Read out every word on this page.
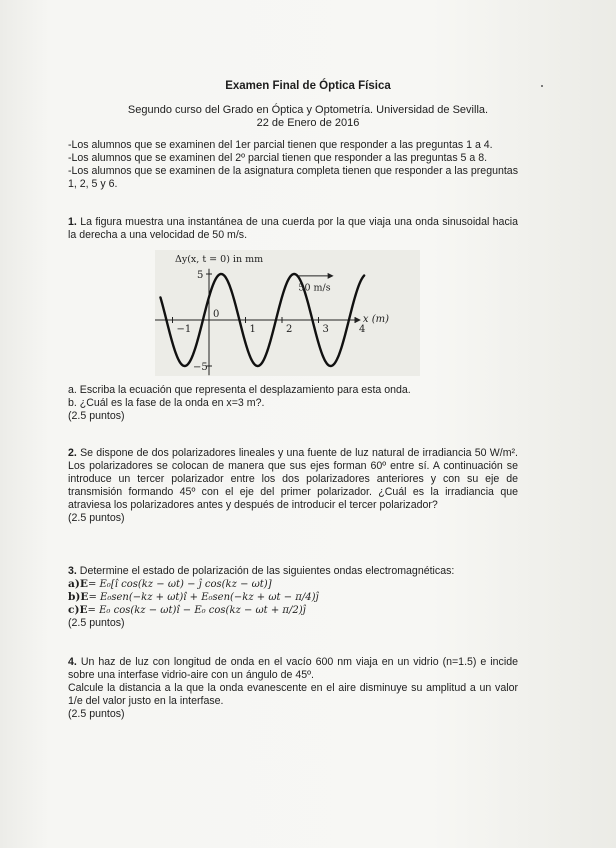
Examen Final de Óptica Física
Segundo curso del Grado en Óptica y Optometría. Universidad de Sevilla.
22 de Enero de 2016
-Los alumnos que se examinen del 1er parcial tienen que responder a las preguntas 1 a 4.
-Los alumnos que se examinen del 2º parcial tienen que responder a las preguntas 5 a 8.
-Los alumnos que se examinen de la asignatura completa tienen que responder a las preguntas 1, 2, 5 y 6.
1. La figura muestra una instantánea de una cuerda por la que viaja una onda sinusoidal hacia la derecha a una velocidad de 50 m/s.
−1	1	2	3	4
0
5
−5
Δy(x, t = 0) in mm
x (m)
50 m/s
a. Escriba la ecuación que representa el desplazamiento para esta onda.
b. ¿Cuál es la fase de la onda en x=3 m?.
(2.5 puntos)
2. Se dispone de dos polarizadores lineales y una fuente de luz natural de irradiancia 50 W/m². Los polarizadores se colocan de manera que sus ejes forman 60º entre sí. A continuación se introduce un tercer polarizador entre los dos polarizadores anteriores y con su eje de transmisión formando 45º con el eje del primer polarizador. ¿Cuál es la irradiancia que atraviesa los polarizadores antes y después de introducir el tercer polarizador?
(2.5 puntos)
3. Determine el estado de polarización de las siguientes ondas electromagnéticas:
a)E= E₀[î cos(kz − ωt) − ĵ cos(kz − ωt)]
b)E= E₀sen(−kz + ωt)î + E₀sen(−kz + ωt − π/4)ĵ
c)E= E₀ cos(kz − ωt)î − E₀ cos(kz − ωt + π/2)ĵ
(2.5 puntos)
4. Un haz de luz con longitud de onda en el vacío 600 nm viaja en un vidrio (n=1.5) e incide sobre una interfase vidrio-aire con un ángulo de 45º.
Calcule la distancia a la que la onda evanescente en el aire disminuye su amplitud a un valor 1/e del valor justo en la interfase.
(2.5 puntos)
